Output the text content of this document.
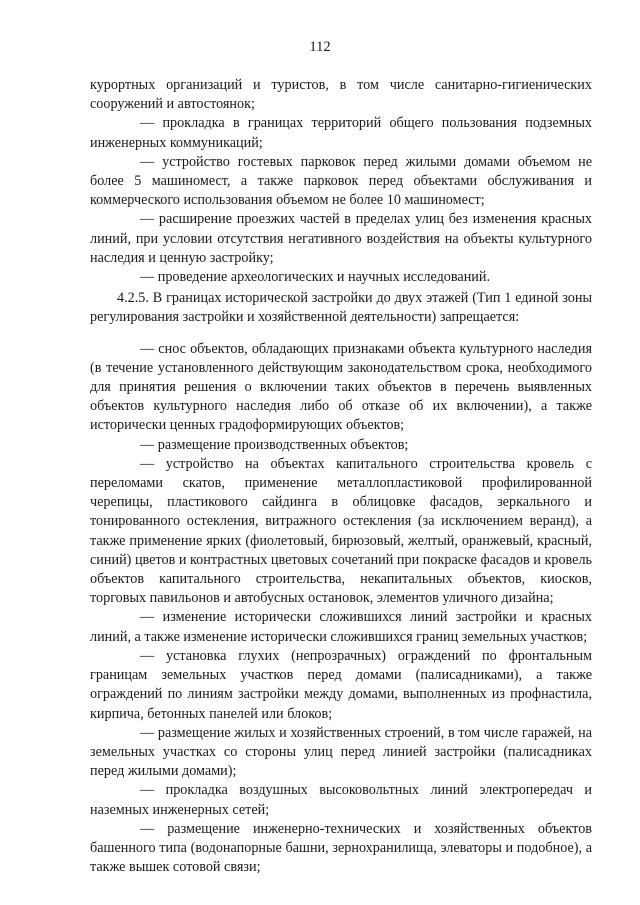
112

курортных организаций и туристов, в том числе санитарно-гигиенических сооружений и автостоянок;

— прокладка в границах территорий общего пользования подземных инженерных коммуникаций;

— устройство гостевых парковок перед жилыми домами объемом не более 5 машиномест, а также парковок перед объектами обслуживания и коммерческого использования объемом не более 10 машиномест;

— расширение проезжих частей в пределах улиц без изменения красных линий, при условии отсутствия негативного воздействия на объекты культурного наследия и ценную застройку;

— проведение археологических и научных исследований.

4.2.5. В границах исторической застройки до двух этажей (Тип 1 единой зоны регулирования застройки и хозяйственной деятельности) запрещается:

— снос объектов, обладающих признаками объекта культурного наследия (в течение установленного действующим законодательством срока, необходимого для принятия решения о включении таких объектов в перечень выявленных объектов культурного наследия либо об отказе об их включении), а также исторически ценных градоформирующих объектов;

— размещение производственных объектов;

— устройство на объектах капитального строительства кровель с переломами скатов, применение металлопластиковой профилированной черепицы, пластикового сайдинга в облицовке фасадов, зеркального и тонированного остекления, витражного остекления (за исключением веранд), а также применение ярких (фиолетовый, бирюзовый, желтый, оранжевый, красный, синий) цветов и контрастных цветовых сочетаний при покраске фасадов и кровель объектов капитального строительства, некапитальных объектов, киосков, торговых павильонов и автобусных остановок, элементов уличного дизайна;

— изменение исторически сложившихся линий застройки и красных линий, а также изменение исторически сложившихся границ земельных участков;

— установка глухих (непрозрачных) ограждений по фронтальным границам земельных участков перед домами (палисадниками), а также ограждений по линиям застройки между домами, выполненных из профнастила, кирпича, бетонных панелей или блоков;

— размещение жилых и хозяйственных строений, в том числе гаражей, на земельных участках со стороны улиц перед линией застройки (палисадниках перед жилыми домами);

— прокладка воздушных высоковольтных линий электропередач и наземных инженерных сетей;

— размещение инженерно-технических и хозяйственных объектов башенного типа (водонапорные башни, зернохранилища, элеваторы и подобное), а также вышек сотовой связи;
